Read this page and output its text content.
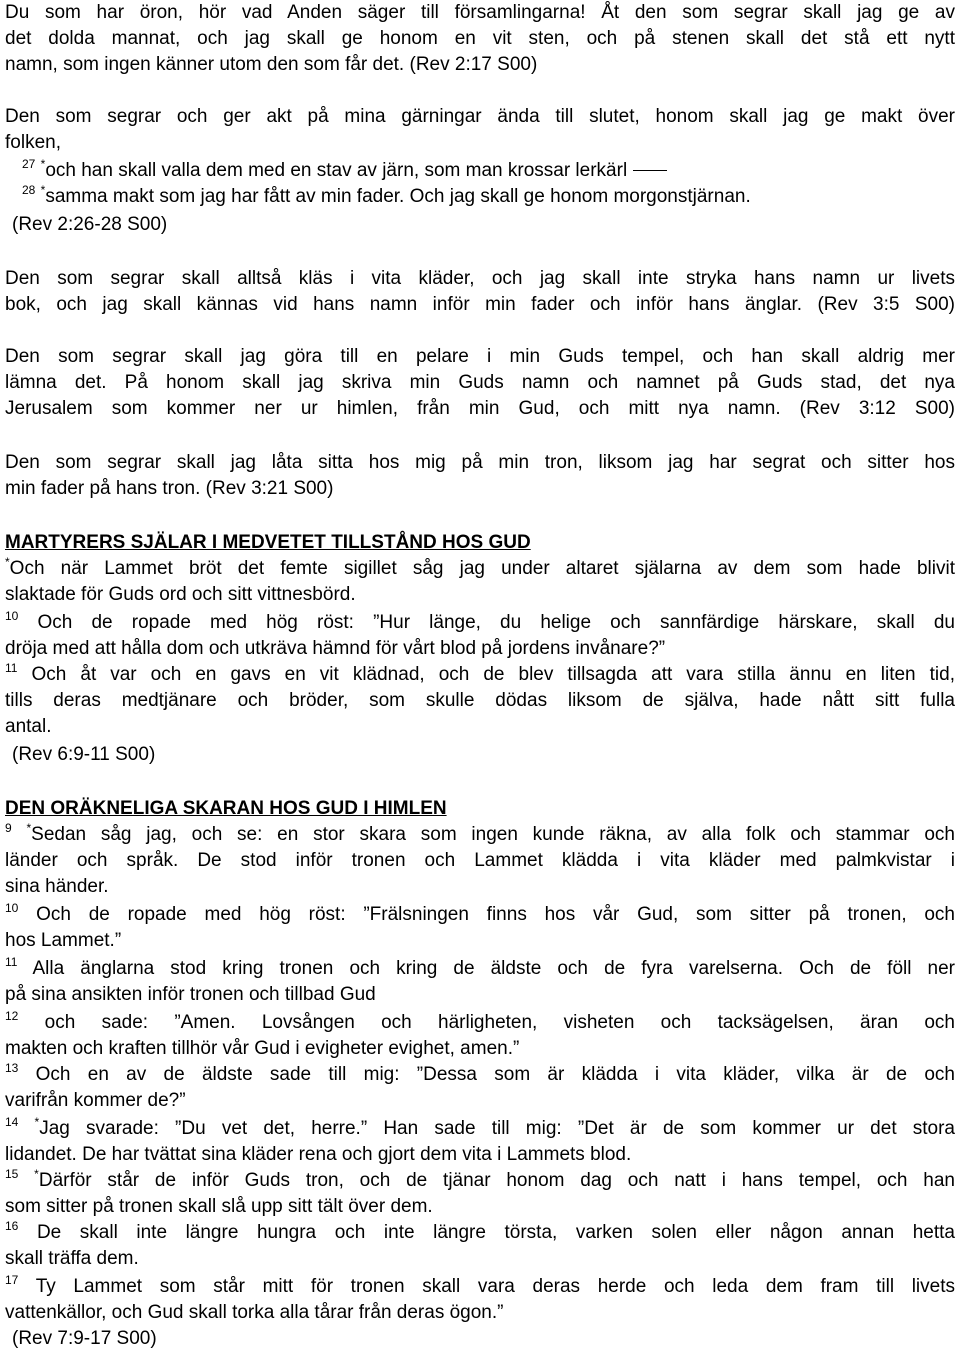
Du som har öron, hör vad Anden säger till församlingarna! Åt den som segrar skall jag ge av
det dolda mannat, och jag skall ge honom en vit sten, och på stenen skall det stå ett nytt
namn, som ingen känner utom den som får det. (Rev 2:17 S00)
Den som segrar och ger akt på mina gärningar ända till slutet, honom skall jag ge makt över
folken,
$^{27}$ *och han skall valla dem med en stav av järn, som man krossar lerkärl
$^{28}$ *samma makt som jag har fått av min fader. Och jag skall ge honom morgonstjärnan.
(Rev 2:26-28 S00)
Den som segrar skall alltså kläs i vita kläder, och jag skall inte stryka hans namn ur livets
bok, och jag skall kännas vid hans namn inför min fader och inför hans änglar. (Rev 3:5 S00)
Den som segrar skall jag göra till en pelare i min Guds tempel, och han skall aldrig mer
lämna det. På honom skall jag skriva min Guds namn och namnet på Guds stad, det nya
Jerusalem som kommer ner ur himlen, från min Gud, och mitt nya namn. (Rev 3:12 S00)
Den som segrar skall jag låta sitta hos mig på min tron, liksom jag har segrat och sitter hos
min fader på hans tron. (Rev 3:21 S00)
MARTYRERS SJÄLAR I MEDVETET TILLSTÅND HOS GUD
*Och när Lammet bröt det femte sigillet såg jag under altaret själarna av dem som hade blivit
slaktade för Guds ord och sitt vittnesbörd.
$^{10}$ Och de ropade med hög röst: ”Hur länge, du helige och sannfärdige härskare, skall du
dröja med att hålla dom och utkräva hämnd för vårt blod på jordens invånare?”
$^{11}$ Och åt var och en gavs en vit klädnad, och de blev tillsagda att vara stilla ännu en liten tid,
tills deras medtjänare och bröder, som skulle dödas liksom de själva, hade nått sitt fulla
antal.
(Rev 6:9-11 S00)
DEN ORÄKNELIGA SKARAN HOS GUD I HIMLEN
$^9$ *Sedan såg jag, och se: en stor skara som ingen kunde räkna, av alla folk och stammar och
länder och språk. De stod inför tronen och Lammet klädda i vita kläder med palmkvistar i
sina händer.
$^{10}$ Och de ropade med hög röst: ”Frälsningen finns hos vår Gud, som sitter på tronen, och
hos Lammet.”
$^{11}$ Alla änglarna stod kring tronen och kring de äldste och de fyra varelserna. Och de föll ner
på sina ansikten inför tronen och tillbad Gud
$^{12}$ och sade: ”Amen. Lovsången och härligheten, visheten och tacksägelsen, äran och
makten och kraften tillhör vår Gud i evigheter evighet, amen.”
$^{13}$ Och en av de äldste sade till mig: ”Dessa som är klädda i vita kläder, vilka är de och
varifrån kommer de?”
$^{14}$ *Jag svarade: ”Du vet det, herre.” Han sade till mig: ”Det är de som kommer ur det stora
lidandet. De har tvättat sina kläder rena och gjort dem vita i Lammets blod.
$^{15}$ *Därför står de inför Guds tron, och de tjänar honom dag och natt i hans tempel, och han
som sitter på tronen skall slå upp sitt tält över dem.
$^{16}$ De skall inte längre hungra och inte längre törsta, varken solen eller någon annan hetta
skall träffa dem.
$^{17}$ Ty Lammet som står mitt för tronen skall vara deras herde och leda dem fram till livets
vattenkällor, och Gud skall torka alla tårar från deras ögon.”
(Rev 7:9-17 S00)
